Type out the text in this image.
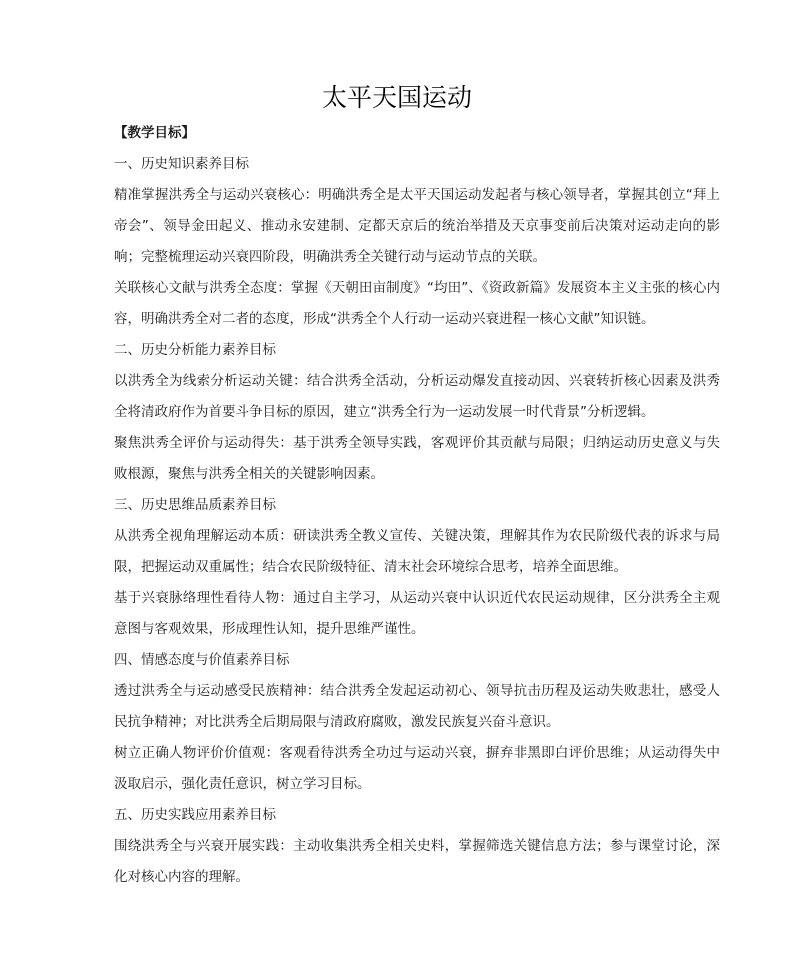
太平天国运动

【教学目标】

一、历史知识素养目标

精准掌握洪秀全与运动兴衰核心：明确洪秀全是太平天国运动发起者与核心领导者，掌握其创立“拜上帝会”、领导金田起义、推动永安建制、定都天京后的统治举措及天京事变前后决策对运动走向的影响；完整梳理运动兴衰四阶段，明确洪秀全关键行动与运动节点的关联。

关联核心文献与洪秀全态度：掌握《天朝田亩制度》“均田”、《资政新篇》发展资本主义主张的核心内容，明确洪秀全对二者的态度，形成“洪秀全个人行动一运动兴衰进程一核心文献”知识链。

二、历史分析能力素养目标

以洪秀全为线索分析运动关键：结合洪秀全活动，分析运动爆发直接动因、兴衰转折核心因素及洪秀全将清政府作为首要斗争目标的原因，建立“洪秀全行为一运动发展一时代背景”分析逻辑。

聚焦洪秀全评价与运动得失：基于洪秀全领导实践，客观评价其贡献与局限；归纳运动历史意义与失败根源，聚焦与洪秀全相关的关键影响因素。

三、历史思维品质素养目标

从洪秀全视角理解运动本质：研读洪秀全教义宣传、关键决策，理解其作为农民阶级代表的诉求与局限，把握运动双重属性；结合农民阶级特征、清末社会环境综合思考，培养全面思维。

基于兴衰脉络理性看待人物：通过自主学习，从运动兴衰中认识近代农民运动规律，区分洪秀全主观意图与客观效果，形成理性认知，提升思维严谨性。

四、情感态度与价值素养目标

透过洪秀全与运动感受民族精神：结合洪秀全发起运动初心、领导抗击历程及运动失败悲壮，感受人民抗争精神；对比洪秀全后期局限与清政府腐败，激发民族复兴奋斗意识。

树立正确人物评价价值观：客观看待洪秀全功过与运动兴衰，摒弃非黑即白评价思维；从运动得失中汲取启示，强化责任意识，树立学习目标。

五、历史实践应用素养目标

围绕洪秀全与兴衰开展实践：主动收集洪秀全相关史料，掌握筛选关键信息方法；参与课堂讨论，深化对核心内容的理解。
